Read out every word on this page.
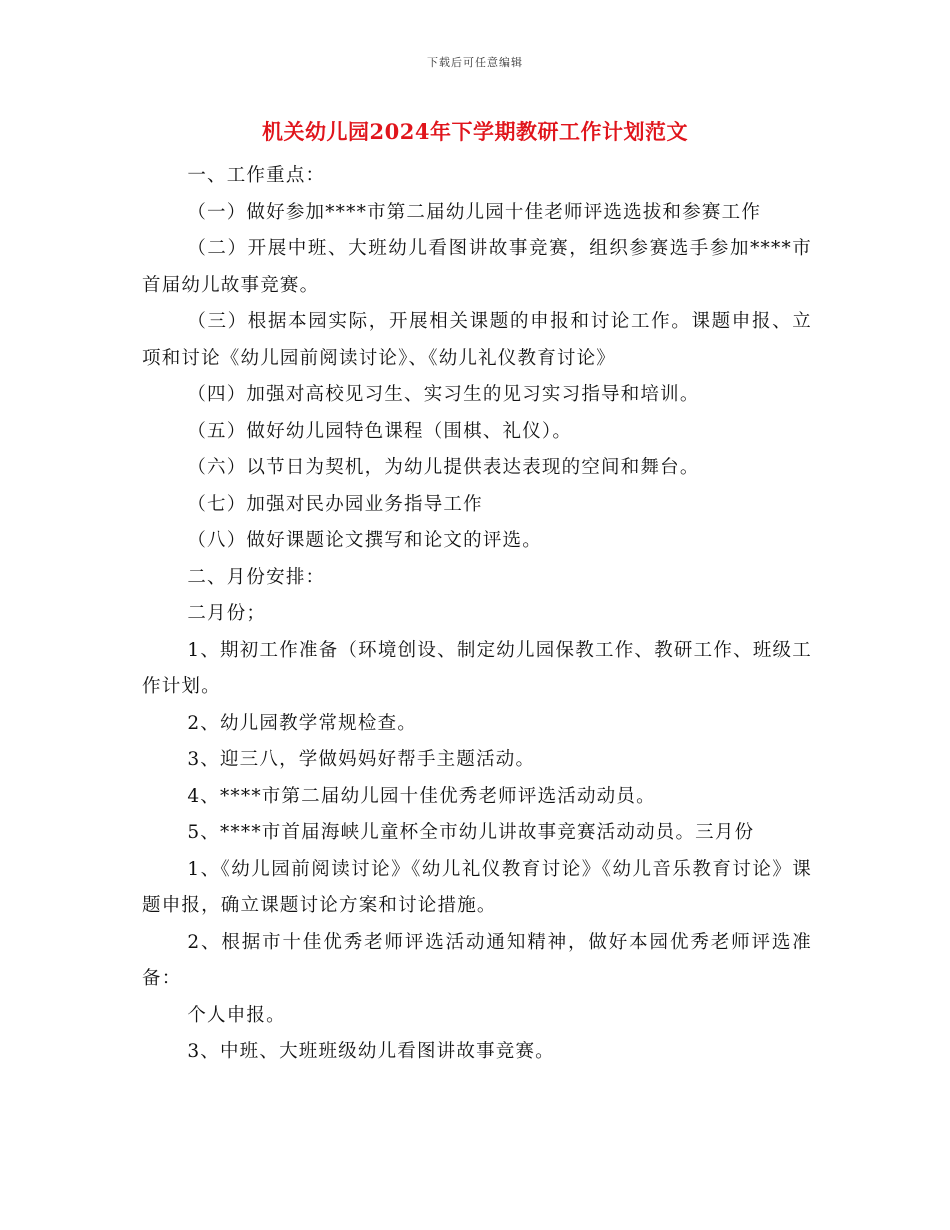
下载后可任意编辑
机关幼儿园2024年下学期教研工作计划范文

一、工作重点：

（一）做好参加****市第二届幼儿园十佳老师评选选拔和参赛工作

（二）开展中班、大班幼儿看图讲故事竞赛，组织参赛选手参加****市首届幼儿故事竞赛。

（三）根据本园实际，开展相关课题的申报和讨论工作。课题申报、立项和讨论《幼儿园前阅读讨论》、《幼儿礼仪教育讨论》

（四）加强对高校见习生、实习生的见习实习指导和培训。

（五）做好幼儿园特色课程（围棋、礼仪）。

（六）以节日为契机，为幼儿提供表达表现的空间和舞台。

（七）加强对民办园业务指导工作

（八）做好课题论文撰写和论文的评选。

二、月份安排：

二月份；

1、期初工作准备（环境创设、制定幼儿园保教工作、教研工作、班级工作计划。

2、幼儿园教学常规检查。

3、迎三八，学做妈妈好帮手主题活动。

4、****市第二届幼儿园十佳优秀老师评选活动动员。

5、****市首届海峡儿童杯全市幼儿讲故事竞赛活动动员。三月份

1、《幼儿园前阅读讨论》《幼儿礼仪教育讨论》《幼儿音乐教育讨论》课题申报，确立课题讨论方案和讨论措施。

2、根据市十佳优秀老师评选活动通知精神，做好本园优秀老师评选准备：

个人申报。

3、中班、大班班级幼儿看图讲故事竞赛。
